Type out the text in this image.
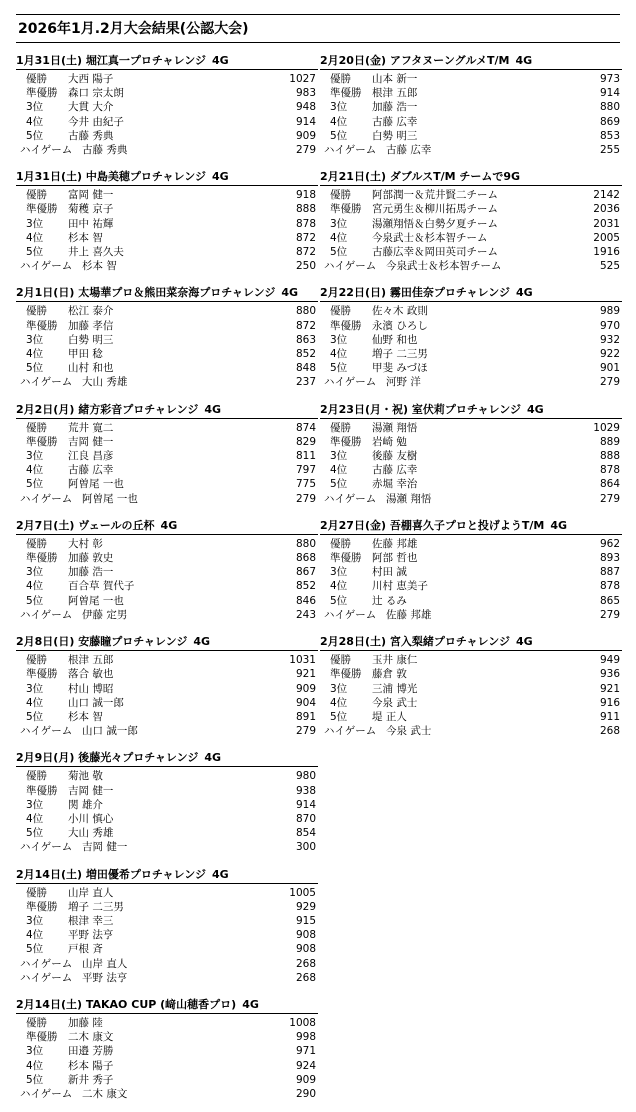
2026年1月.2月大会結果(公認大会)
1月31日(土) 堀江真一プロチャレンジ 4G
優勝	大西 陽子	1027
準優勝	森口 宗太朗	983
3位	大貫 大介	948
4位	今井 由紀子	914
5位	古藤 秀典	909
ハイゲーム 古藤 秀典	279
1月31日(土) 中島美穂プロチャレンジ 4G
優勝	富岡 健一	918
準優勝	菊穫 京子	888
3位	田中 祐輝	878
4位	杉本 智	872
5位	井上 喜久夫	872
ハイゲーム 杉本 智	250
2月1日(日) 太場華プロ＆熊田菜奈海プロチャレンジ 4G
優勝	松江 泰介	880
準優勝	加藤 孝信	872
3位	白勢 明三	863
4位	甲田 稔	852
5位	山村 和也	848
ハイゲーム 大山 秀雄	237
2月2日(月) 緒方彩音プロチャレンジ 4G
優勝	荒井 寛二	874
準優勝	吉岡 健一	829
3位	江良 昌彦	811
4位	古藤 広幸	797
5位	阿曽尾 一也	775
ハイゲーム 阿曽尾 一也	279
2月7日(土) ヴェールの丘杯 4G
優勝	大村 彰	880
準優勝	加藤 敦史	868
3位	加藤 浩一	867
4位	百合草 賀代子	852
5位	阿曽尾 一也	846
ハイゲーム 伊藤 定男	243
2月8日(日) 安藤瞳プロチャレンジ 4G
優勝	根津 五郎	1031
準優勝	落合 敏也	921
3位	村山 博昭	909
4位	山口 誠一郎	904
5位	杉本 智	891
ハイゲーム 山口 誠一郎	279
2月9日(月) 後藤光々プロチャレンジ 4G
優勝	菊池 敬	980
準優勝	吉岡 健一	938
3位	関 雄介	914
4位	小川 慎心	870
5位	大山 秀雄	854
ハイゲーム 吉岡 健一	300
2月14日(土) 増田優希プロチャレンジ 4G
優勝	山岸 直人	1005
準優勝	増子 二三男	929
3位	根津 幸三	915
4位	平野 法亨	908
5位	戸根 斉	908
ハイゲーム 山岸 直人	268
ハイゲーム 平野 法亨	268
2月14日(土) TAKAO CUP (﨑山穂香プロ) 4G
優勝	加藤 陸	1008
準優勝	二木 康文	998
3位	田邉 芳勝	971
4位	杉本 陽子	924
5位	新井 秀子	909
ハイゲーム 二木 康文	290
2月20日(金) アフタヌーングルメT/M 4G
優勝	山本 新一	973
準優勝	根津 五郎	914
3位	加藤 浩一	880
4位	古藤 広幸	869
5位	白勢 明三	853
ハイゲーム 古藤 広幸	255
2月21日(土) ダブルスT/M チームで9G
優勝	阿部潤一＆荒井賢二チーム	2142
準優勝	宮元勇生＆柳川拓馬チーム	2036
3位	湯瀬翔悟＆白勢夕夏チーム	2031
4位	今泉武士＆杉本智チーム	2005
5位	古藤広幸＆岡田英司チーム	1916
ハイゲーム 今泉武士＆杉本智チーム	525
2月22日(日) 霧田佳奈プロチャレンジ 4G
優勝	佐々木 政則	989
準優勝	永濱 ひろし	970
3位	仙野 和也	932
4位	増子 二三男	922
5位	甲斐 みづほ	901
ハイゲーム 河野 洋	279
2月23日(月・祝) 室伏莉プロチャレンジ 4G
優勝	湯瀬 翔悟	1029
準優勝	岩崎 勉	889
3位	後藤 友樹	888
4位	古藤 広幸	878
5位	赤堀 幸治	864
ハイゲーム 湯瀬 翔悟	279
2月27日(金) 吾棚喜久子プロと投げようT/M 4G
優勝	佐藤 邦雄	962
準優勝	阿部 哲也	893
3位	村田 誠	887
4位	川村 恵美子	878
5位	辻 るみ	865
ハイゲーム 佐藤 邦雄	279
2月28日(土) 宮入梨緒プロチャレンジ 4G
優勝	玉井 康仁	949
準優勝	藤倉 敦	936
3位	三浦 博光	921
4位	今泉 武士	916
5位	堤 正人	911
ハイゲーム 今泉 武士	268
